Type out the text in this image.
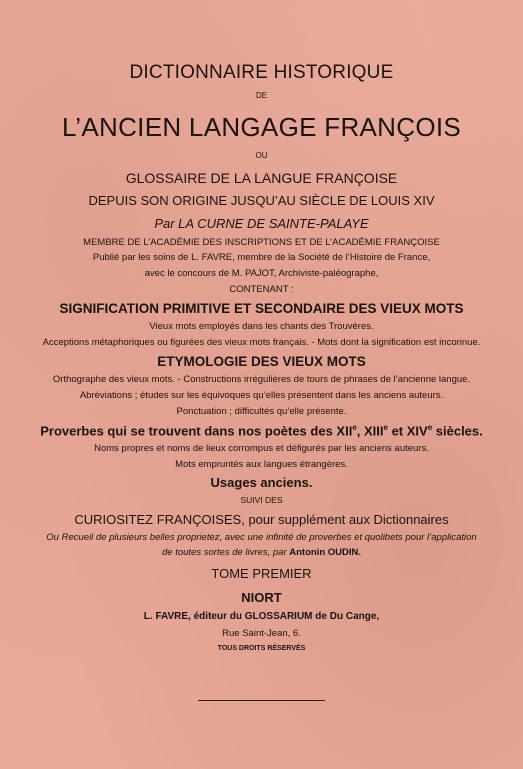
DICTIONNAIRE HISTORIQUE
DE
L’ANCIEN LANGAGE FRANÇOIS
OU
GLOSSAIRE DE LA LANGUE FRANÇOISE
DEPUIS SON ORIGINE JUSQU’AU SIÈCLE DE LOUIS XIV
Par LA CURNE DE SAINTE-PALAYE
MEMBRE DE L’ACADÉMIE DES INSCRIPTIONS ET DE L’ACADÉMIE FRANÇOISE
Publié par les soins de L. FAVRE, membre de la Société de l’Histoire de France,
avec le concours de M. PAJOT, Archiviste-paléographe,
CONTENANT :
SIGNIFICATION PRIMITIVE ET SECONDAIRE DES VIEUX MOTS
Vieux mots employés dans les chants des Trouvères.
Acceptions métaphoriques ou figurées des vieux mots français. - Mots dont la signification est inconnue.
ETYMOLOGIE DES VIEUX MOTS
Orthographe des vieux mots. - Constructions irrégulières de tours de phrases de l’ancienne langue.
Abréviations ; études sur les équivoques qu’elles présentent dans les anciens auteurs.
Ponctuation ; difficultés qu’elle présente.
Proverbes qui se trouvent dans nos poètes des XIIe, XIIIe et XIVe siècles.
Noms propres et noms de lieux corrompus et défigurés par les anciens auteurs.
Mots empruntés aux langues étrangères.
Usages anciens.
SUIVI DES
CURIOSITEZ FRANÇOISES, pour supplément aux Dictionnaires
Ou Recueil de plusieurs belles proprietez, avec une infinité de proverbes et quolibets pour l’application
de toutes sortes de livres, par Antonin OUDIN.
TOME PREMIER
NIORT
L. FAVRE, éditeur du GLOSSARIUM de Du Cange,
Rue Saint-Jean, 6.
TOUS DROITS RÉSERVÉS
